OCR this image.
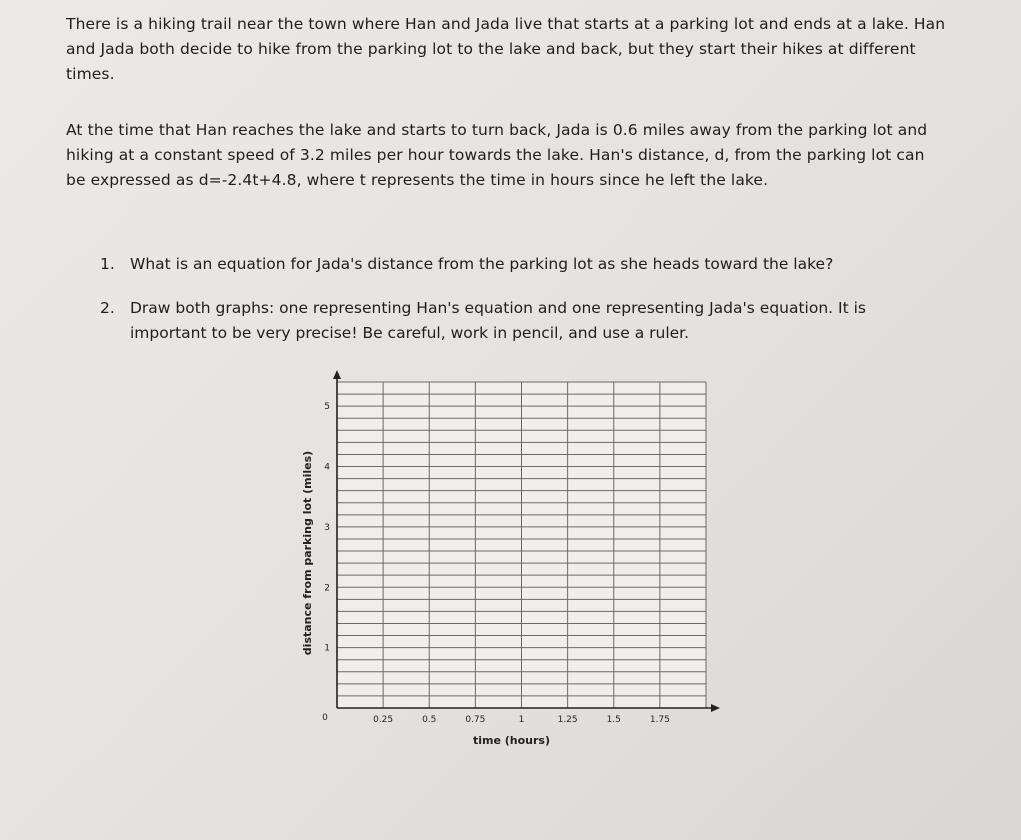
There is a hiking trail near the town where Han and Jada live that starts at a parking lot and ends at a lake. Han and Jada both decide to hike from the parking lot to the lake and back, but they start their hikes at different times.
At the time that Han reaches the lake and starts to turn back, Jada is 0.6 miles away from the parking lot and hiking at a constant speed of 3.2 miles per hour towards the lake. Han's distance, d, from the parking lot can be expressed as d=-2.4t+4.8, where t represents the time in hours since he left the lake.
1. What is an equation for Jada's distance from the parking lot as she heads toward the lake?
2. Draw both graphs: one representing Han's equation and one representing Jada's equation. It is important to be very precise! Be careful, work in pencil, and use a ruler.
0.25	0.5	0.75	1	1.25	1.5	1.75
1
2
3
4
5
0
time (hours)
distance from parking lot (miles)
